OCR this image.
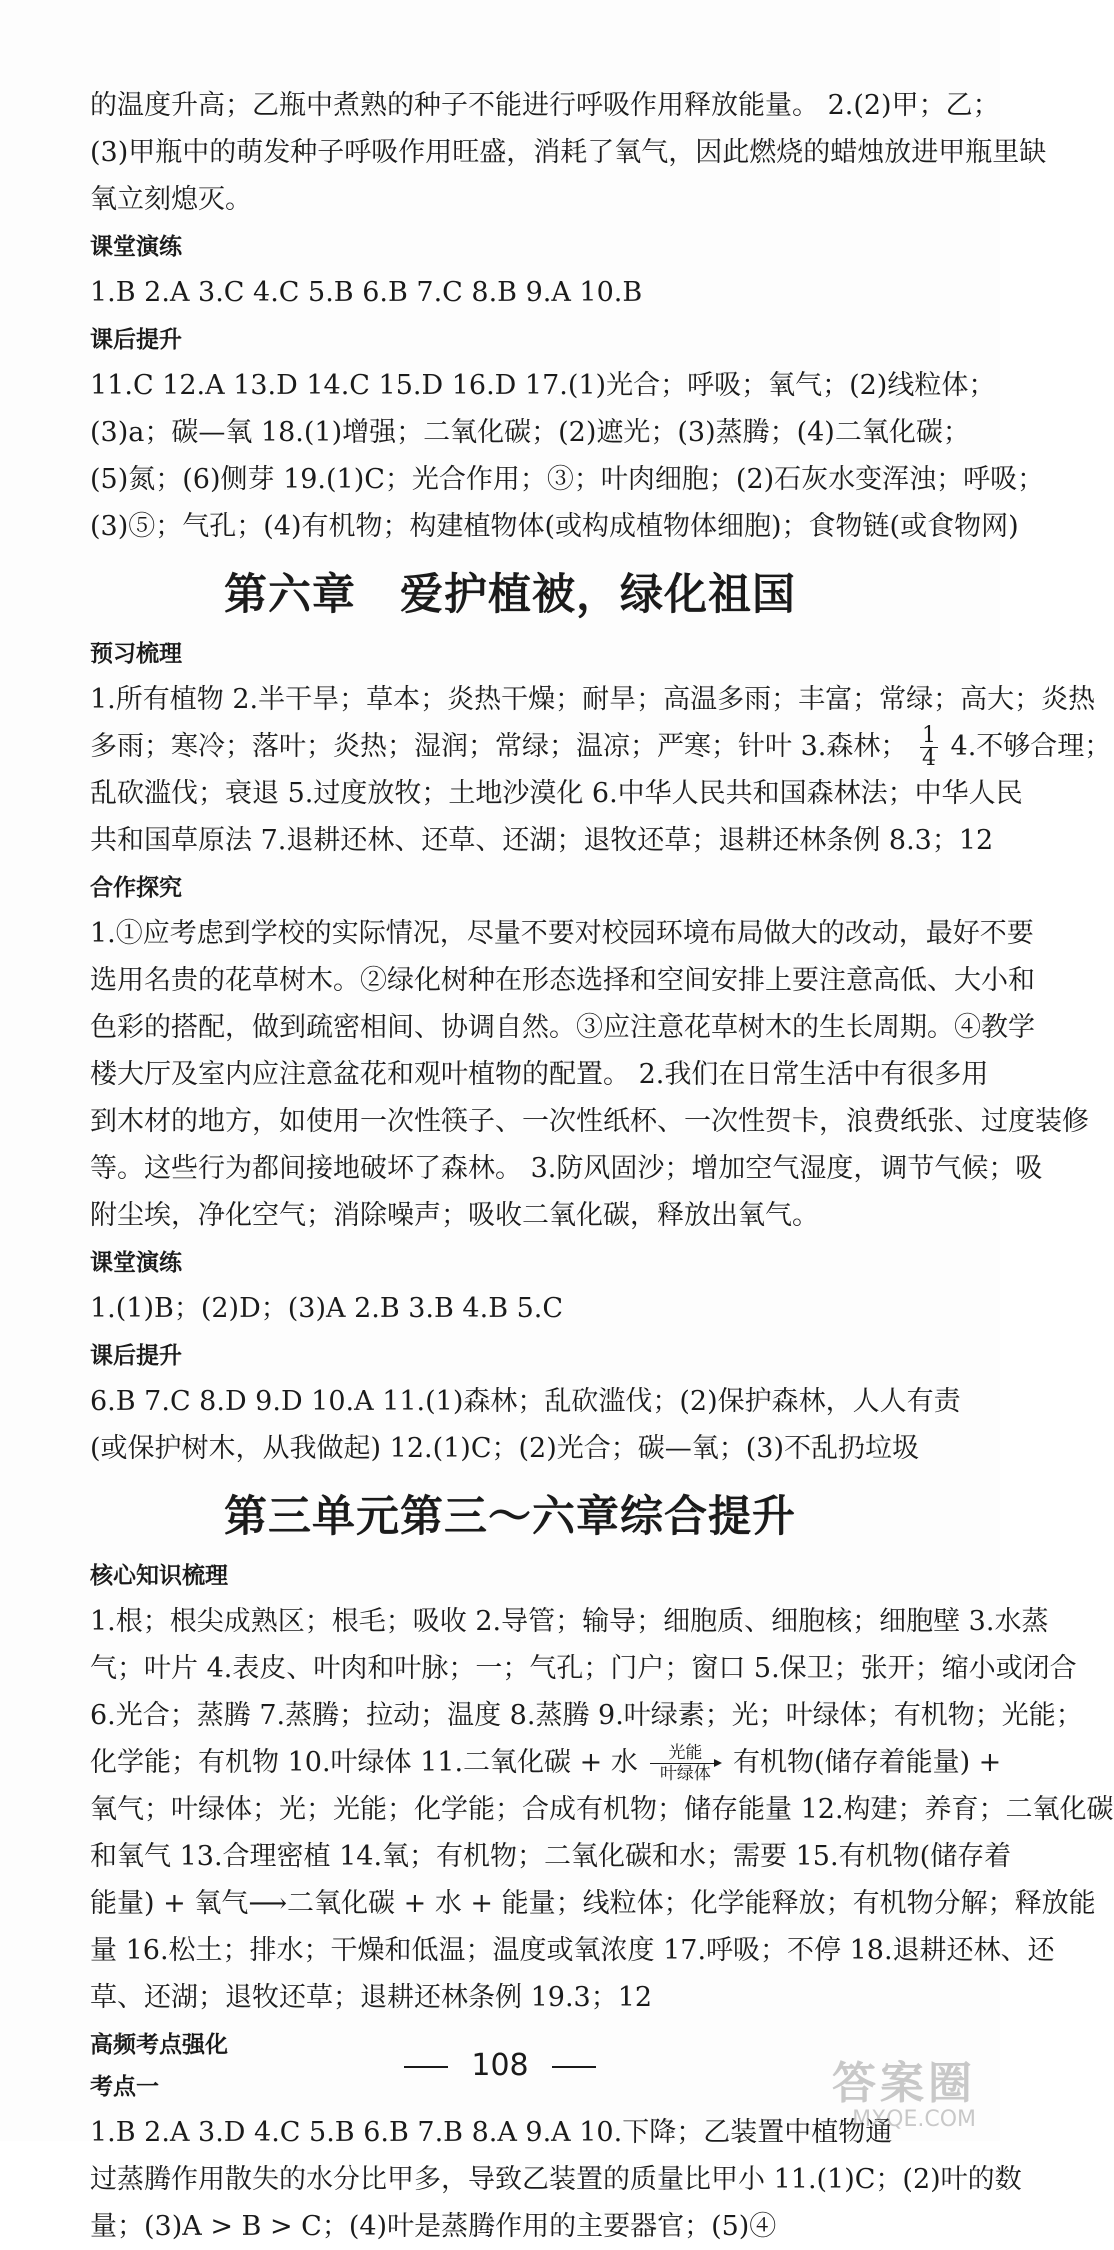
的温度升高；乙瓶中煮熟的种子不能进行呼吸作用释放能量。 2.(2)甲；乙；
(3)甲瓶中的萌发种子呼吸作用旺盛，消耗了氧气，因此燃烧的蜡烛放进甲瓶里缺
氧立刻熄灭。

课堂演练

1.B 2.A 3.C 4.C 5.B 6.B 7.C 8.B 9.A 10.B

课后提升

11.C 12.A 13.D 14.C 15.D 16.D 17.(1)光合；呼吸；氧气；(2)线粒体；
(3)a；碳—氧 18.(1)增强；二氧化碳；(2)遮光；(3)蒸腾；(4)二氧化碳；
(5)氮；(6)侧芽 19.(1)C；光合作用；③；叶肉细胞；(2)石灰水变浑浊；呼吸；
(3)⑤；气孔；(4)有机物；构建植物体(或构成植物体细胞)；食物链(或食物网)

第六章　爱护植被，绿化祖国
预习梳理

1.所有植物 2.半干旱；草本；炎热干燥；耐旱；高温多雨；丰富；常绿；高大；炎热
多雨；寒冷；落叶；炎热；湿润；常绿；温凉；严寒；针叶 3.森林； $\frac{1}{4} 4$.不够合理；
乱砍滥伐；衰退 5.过度放牧；土地沙漠化 6.中华人民共和国森林法；中华人民
共和国草原法 7.退耕还林、还草、还湖；退牧还草；退耕还林条例 8.3；12

合作探究

1.①应考虑到学校的实际情况，尽量不要对校园环境布局做大的改动，最好不要
选用名贵的花草树木。②绿化树种在形态选择和空间安排上要注意高低、大小和
色彩的搭配，做到疏密相间、协调自然。③应注意花草树木的生长周期。④教学
楼大厅及室内应注意盆花和观叶植物的配置。 2.我们在日常生活中有很多用
到木材的地方，如使用一次性筷子、一次性纸杯、一次性贺卡，浪费纸张、过度装修
等。这些行为都间接地破坏了森林。 3.防风固沙；增加空气湿度，调节气候；吸
附尘埃，净化空气；消除噪声；吸收二氧化碳，释放出氧气。

课堂演练

1.(1)B；(2)D；(3)A 2.B 3.B 4.B 5.C

课后提升

6.B 7.C 8.D 9.D 10.A 11.(1)森林；乱砍滥伐；(2)保护森林，人人有责
(或保护树木，从我做起) 12.(1)C；(2)光合；碳—氧；(3)不乱扔垃圾

第三单元第三～六章综合提升
核心知识梳理

1.根；根尖成熟区；根毛；吸收 2.导管；输导；细胞质、细胞核；细胞壁 3.水蒸
气；叶片 4.表皮、叶肉和叶脉；一；气孔；门户；窗口 5.保卫；张开；缩小或闭合
6.光合；蒸腾 7.蒸腾；拉动；温度 8.蒸腾 9.叶绿素；光；叶绿体；有机物；光能；
化学能；有机物 10.叶绿体 11.二氧化碳 + 水	光能
叶绿体 有机物(储存着能量) +
氧气；叶绿体；光；光能；化学能；合成有机物；储存能量 12.构建；养育；二氧化碳
和氧气 13.合理密植 14.氧；有机物；二氧化碳和水；需要 15.有机物(储存着
能量) + 氧气⟶二氧化碳 + 水 + 能量；线粒体；化学能释放；有机物分解；释放能
量 16.松土；排水；干燥和低温；温度或氧浓度 17.呼吸；不停 18.退耕还林、还
草、还湖；退牧还草；退耕还林条例 19.3；12

高频考点强化
考点一

1.B 2.A 3.D 4.C 5.B 6.B 7.B 8.A 9.A 10.下降；乙装置中植物通
过蒸腾作用散失的水分比甲多，导致乙装置的质量比甲小 11.(1)C；(2)叶的数
量；(3)A > B > C；(4)叶是蒸腾作用的主要器官；(5)④

108	答案圈
MXQE.COM
